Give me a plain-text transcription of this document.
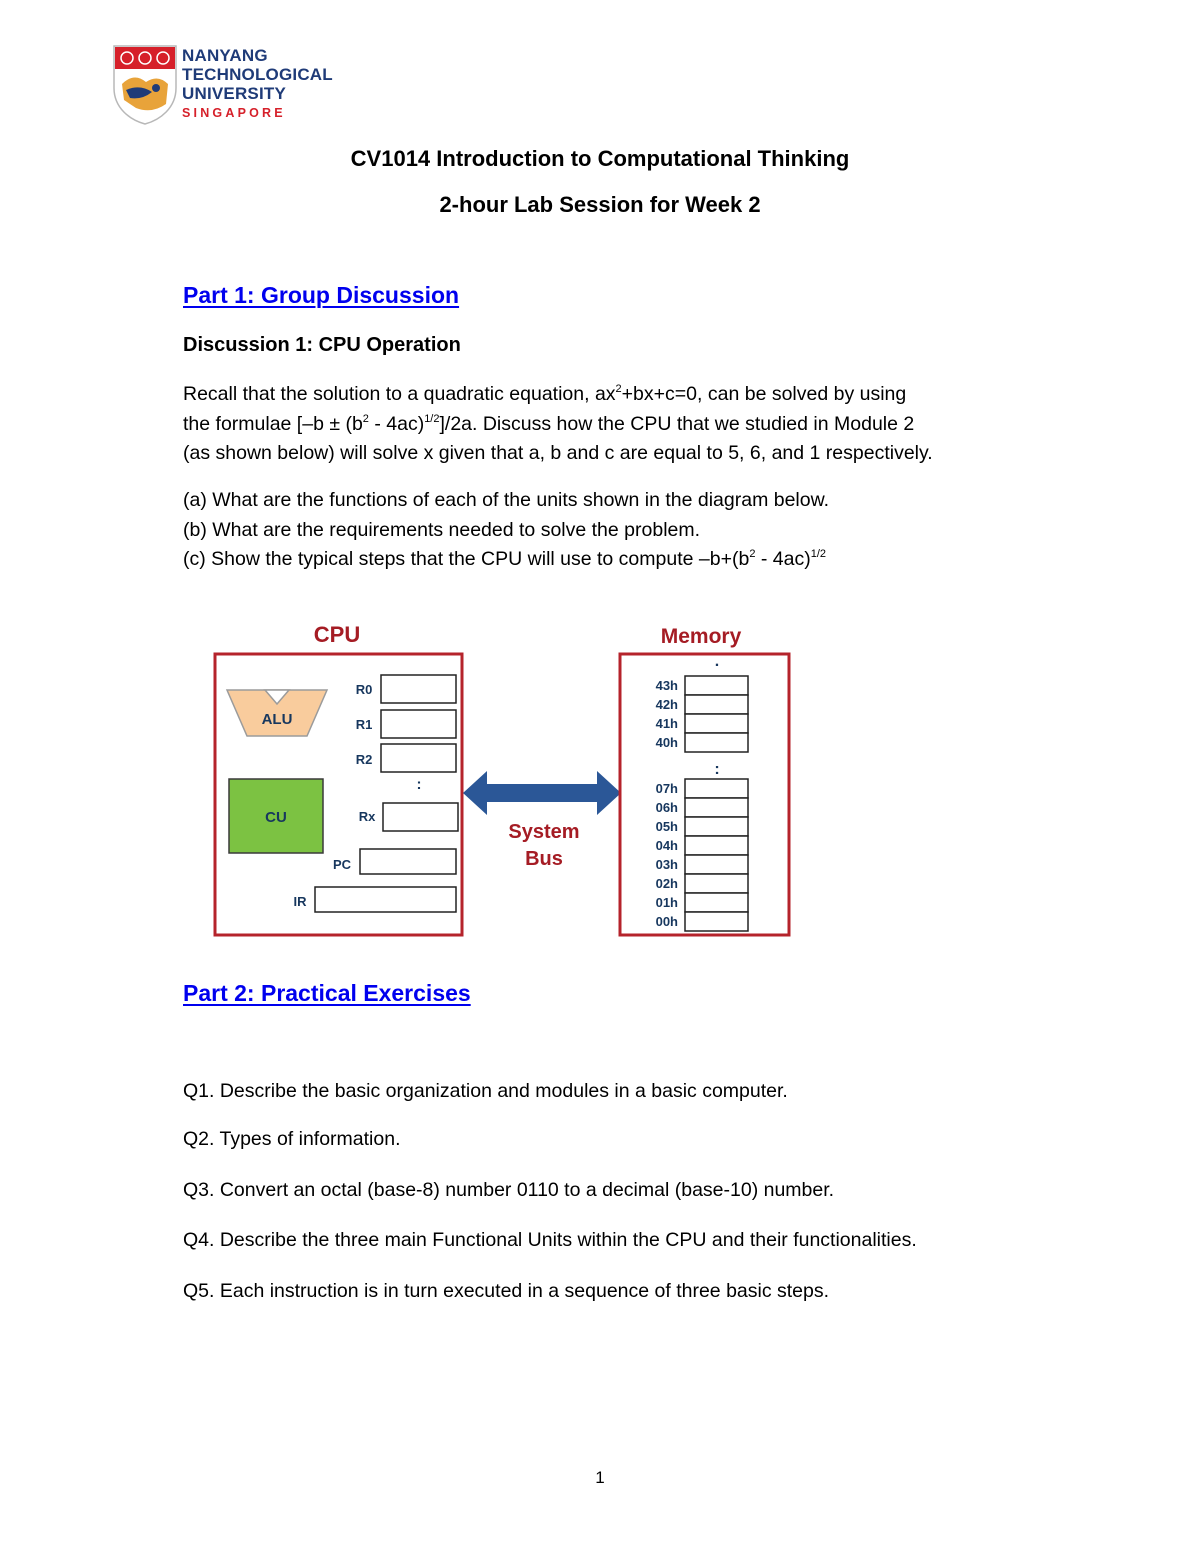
NANYANG
TECHNOLOGICAL
UNIVERSITY
SINGAPORE
CV1014 Introduction to Computational Thinking
2-hour Lab Session for Week 2
Part 1: Group Discussion
Discussion 1: CPU Operation
Recall that the solution to a quadratic equation, $ax^2+bx+c=0$, can be solved by using
the formulae $[-b \pm (b^2 - 4ac)^{1/2}]/2a$. Discuss how the CPU that we studied in Module 2
(as shown below) will solve x given that a, b and c are equal to 5, 6, and 1 respectively.
(a) What are the functions of each of the units shown in the diagram below.
(b) What are the requirements needed to solve the problem.
(c) Show the typical steps that the CPU will use to compute $-b+(b^2 - 4ac)^{1/2}$
CPU
ALU
CU
R0
R1
R2
:
Rx
PC
IR
System
Bus
Memory
.
43h
42h
41h
40h
:
07h
06h
05h
04h
03h
02h
01h
00h
Part 2: Practical Exercises
Q1. Describe the basic organization and modules in a basic computer.
Q2. Types of information.
Q3. Convert an octal (base-8) number 0110 to a decimal (base-10) number.
Q4. Describe the three main Functional Units within the CPU and their functionalities.
Q5. Each instruction is in turn executed in a sequence of three basic steps.
1
